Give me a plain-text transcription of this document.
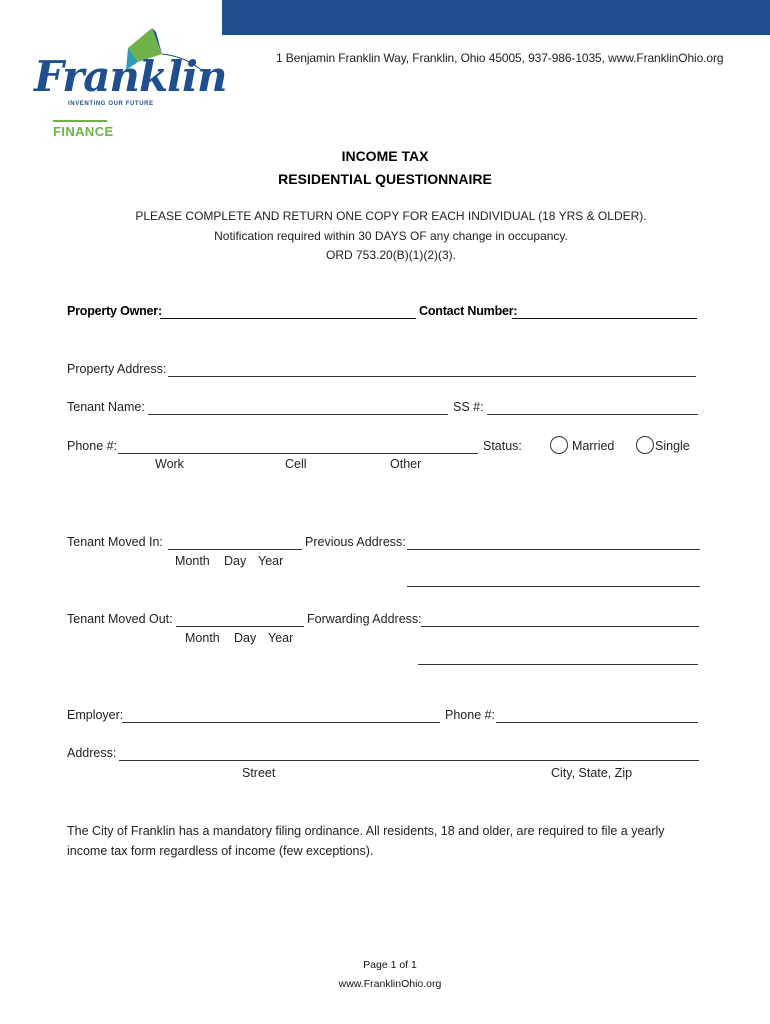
1 Benjamin Franklin Way, Franklin, Ohio 45005, 937-986-1035, www.FranklinOhio.org
Franklin
INVENTING OUR FUTURE
FINANCE
INCOME TAX
RESIDENTIAL QUESTIONNAIRE
PLEASE COMPLETE AND RETURN ONE COPY FOR EACH INDIVIDUAL (18 YRS & OLDER).
Notification required within 30 DAYS OF any change in occupancy.
ORD 753.20(B)(1)(2)(3).
Property Owner:	Contact Number:
Property Address:
Tenant Name:	SS #:
Phone #:	Status:	Married	Single
Work	Cell	Other
Tenant Moved In:	Previous Address:
Month Day Year
Tenant Moved Out:	Forwarding Address:
Month Day Year
Employer:	Phone #:
Address:
Street	City, State, Zip
The City of Franklin has a mandatory filing ordinance. All residents, 18 and older, are required to file a yearly income tax form regardless of income (few exceptions).
Page 1 of 1
www.FranklinOhio.org
